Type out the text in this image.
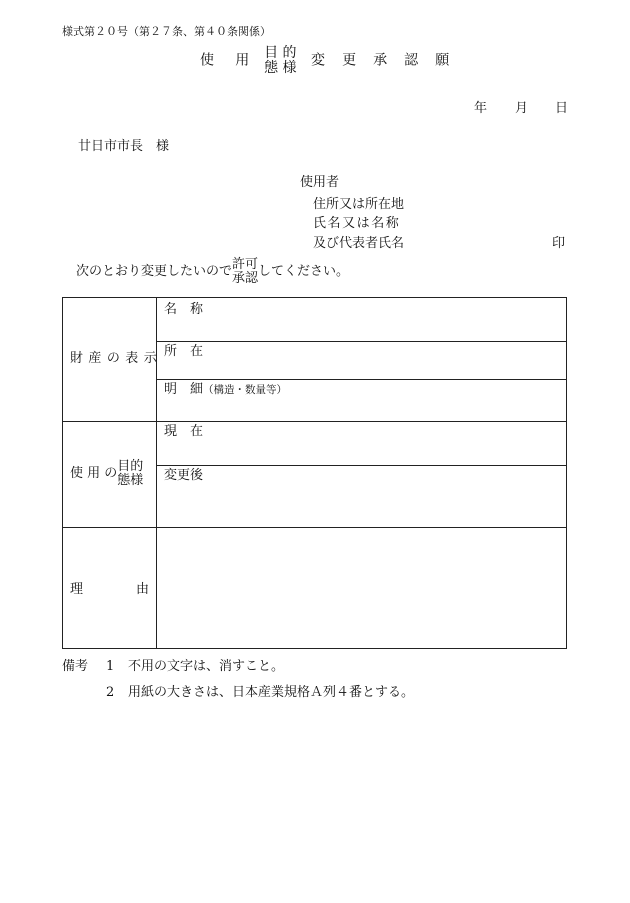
様式第２０号（第２７条、第４０条関係）
使 用 目 的
態 様 変 更 承 認 願
年 月 日
廿日市市長　様
使用者
住所又は所在地
氏名又は名称
及び代表者氏名	印
次のとおり変更したいので 許可
承認 してください。
財 産 の 表 示
名　称
所　在
明　細（構造・数量等）
使 用 の 目的
態様
現　在
変更後
理	由
備考 1 不用の文字は、消すこと。
2 用紙の大きさは、日本産業規格Ａ列４番とする。
